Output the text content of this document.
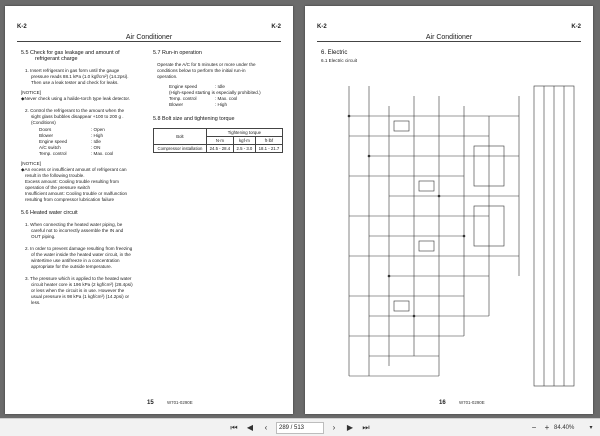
K-2	K-2
Air Conditioner
5.5 Check for gas leakage and amount of
refrigerant charge
1. Insert refrigerant in gas form until the gauge
pressure reads 88.1 kPa (1.0 kgf/cm²) (14.2psi).
Then use a leak tester and check for leaks.
[NOTICE]
◆Never check using a halide-torch type leak detector.
2. Control the refrigerant to the amount when the
sight glass bubbles disappear +100 to 200 g .
(Conditions)
Doors	: Open
Blower	: High
Engine speed	: Idle
A/C switch	: ON
Temp. control	: Max. cool
[NOTICE]
◆An excess or insufficient amount of refrigerant can
result in the following trouble.
Excess amount: Cooling trouble resulting from
operation of the pressure switch
Insufficient amount: Cooling trouble or malfunction
resulting from compressor lubrication failure
5.6 Heated water circuit
1. When connecting the heated water piping, be
careful not to incorrectly assemble the IN and
OUT piping.
2. In order to prevent damage resulting from freezing
of the water inside the heated water circuit, in the
wintertime use antifreeze in a concentration
appropriate for the outside temperature.
3. The pressure which is applied to the heated water
circuit heater core is 196 kPa (2 kgf/cm²) (28.4psi)
or less when the circuit is in use. However the
usual pressure is 98 kPa (1 kgf/cm²) (14.2psi) or
less.
5.7 Run-in operation
Operate the A/C for 5 minutes or more under the
conditions below to perform the initial run-in
operation.
Engine speed	: Idle
(High-speed starting is especially prohibited.)
Temp. control	: Max. cool
Blower	: High
5.8 Bolt size and tightening torque
Bolt	Tightening torque		
	N·m	kgf·m	ft·lbf
Compressor installation	24.5 - 28.4	2.5 - 3.0	18.1 - 21.7
15	W701-0290E
K-2	K-2
Air Conditioner
6. Electric
6.1 Electric circuit
16	W701-0290E
⏮	◀	‹	289 / 513	›	▶	⏭	−	+ 84.40%	▾
